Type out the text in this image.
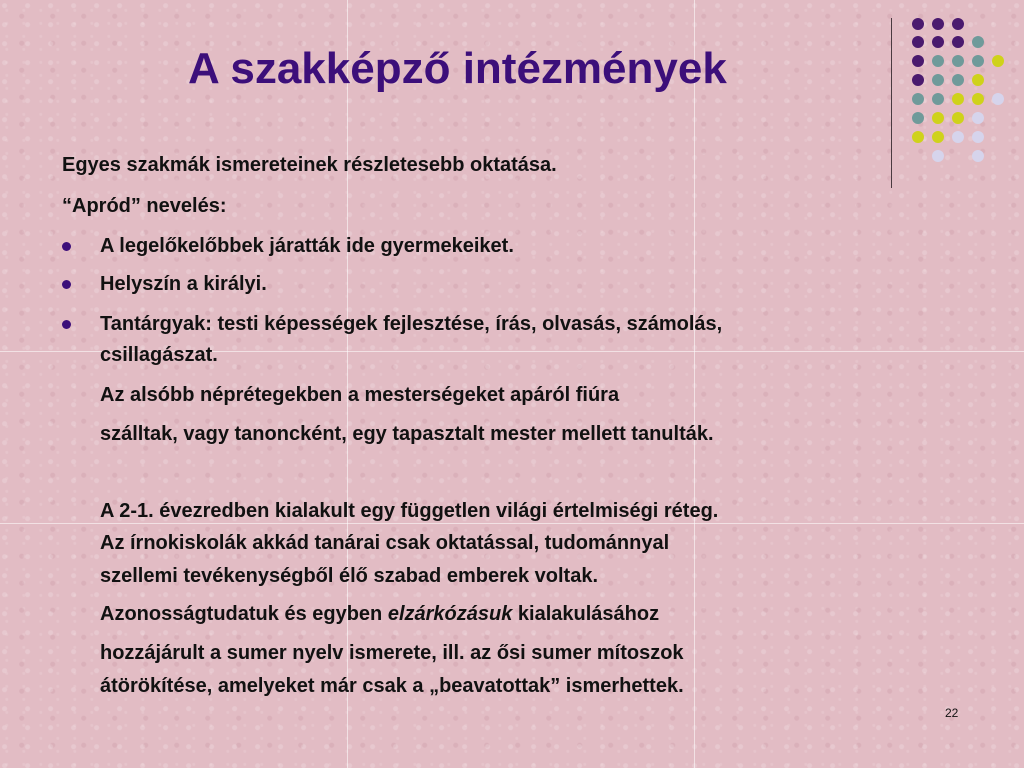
A szakképző intézmények
Egyes szakmák ismereteinek részletesebb oktatása.
“Apród” nevelés:
A legelőkelőbbek járatták ide gyermekeiket.
Helyszín a királyi.
Tantárgyak: testi képességek fejlesztése, írás, olvasás, számolás,
csillagászat.
Az alsóbb néprétegekben a mesterségeket apáról fiúra
szálltak, vagy tanoncként, egy tapasztalt mester mellett tanulták.
A 2-1. évezredben kialakult egy független világi értelmiségi réteg.
Az írnokiskolák akkád tanárai csak oktatással, tudománnyal
szellemi tevékenységből élő szabad emberek voltak.
Azonosságtudatuk és egyben elzárkózásuk kialakulásához
hozzájárult a sumer nyelv ismerete, ill. az ősi sumer mítoszok
átörökítése, amelyeket már csak a „beavatottak” ismerhettek.
22
